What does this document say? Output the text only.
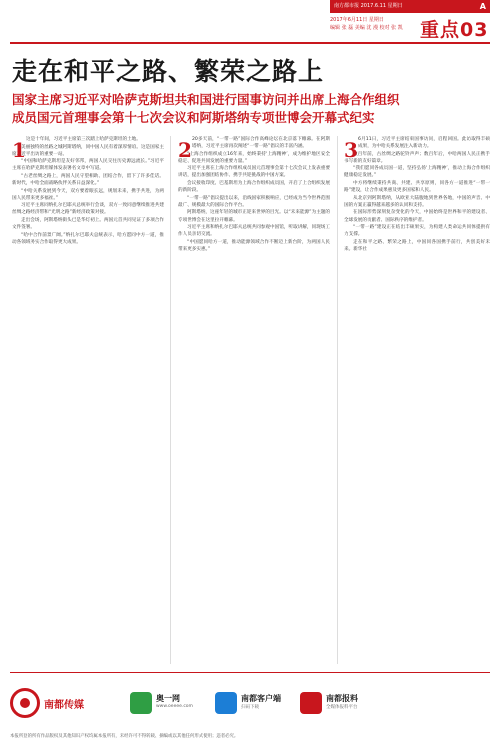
南方都市报 2017.6.11 星期日	A
2017年6月11日 星期日
编辑 张 磊 美编 沈 漫 校对 张 凯 重点03
走在和平之路、繁荣之路上
国家主席习近平对哈萨克斯坦共和国进行国事访问并出席上海合作组织
成员国元首理事会第十七次会议和阿斯塔纳专项世博会开幕式纪实

这是十年间，习近平主席第三次踏上哈萨克斯坦的土地。

美丽独特的丝路之城阿斯塔纳，同中国人民有着深厚情谊。这是国家主席习近平出访的重要一站。

“中国和哈萨克斯坦是友好邻邦，两国人民交往历史源远流长。”习近平主席在哈萨克斯坦媒体发表署名文章中写道。

“古老丝绸之路上，两国人民守望相助、团结合作，留下了许多佳话。新时代，中哈全面战略伙伴关系日益深化。”

“中哈关系发展到今天，双方要着眼长远，规划未来，携手共进，为两国人民带来更多福祉。”

习近平主席同纳扎尔巴耶夫总统举行会谈，双方一致同意继续推进共建丝绸之路经济带和“光明之路”新经济政策对接。

走出会场，阿斯塔纳街头已是华灯初上。两国元首共同见证了多项合作文件签署。

“哈中合作前景广阔。”纳扎尔巴耶夫总统表示，哈方愿同中方一道，推动各领域务实合作取得更大成果。

1	20多天前，“一带一路”国际合作高峰论坛在北京落下帷幕。在阿斯塔纳，习近平主席再次阐述“一带一路”倡议的丰富内涵。

“上海合作组织成立16年来，始终秉持‘上海精神’，成为维护地区安全稳定、促进共同发展的重要力量。”

习近平主席在上海合作组织成员国元首理事会第十七次会议上发表重要讲话，提出加强团结协作、携手共迎挑战的中国方案。

会议接收印度、巴基斯坦为上海合作组织成员国，开启了上合组织发展的新阶段。

“一带一路”倡议提出以来，沿线国家积极响应，已经成为当今世界范围最广、规模最大的国际合作平台。

阿斯塔纳，这座年轻的城市正迎来世界的目光。以“未来能源”为主题的专项世博会在这里拉开帷幕。

习近平主席和纳扎尔巴耶夫总统共同参观中国馆，听取讲解，同现场工作人员亲切交流。

“中国愿同哈方一道，推动能源领域合作不断迈上新台阶，为两国人民带来更多实惠。”

2	6月11日，习近平主席结束国事访问，启程回国。此访取得丰硕成果，为中哈关系发展注入新动力。

数百年前，古丝绸之路驼铃声声；数百年后，中哈两国人民正携手书写新的友好篇章。

“我们愿同各成员国一道，坚持弘扬‘上海精神’，推动上海合作组织健康稳定发展。”

中方将继续秉持共商、共建、共享原则，同各方一道推进“一带一路”建设，让合作成果惠及更多国家和人民。

从北京到阿斯塔纳，从欧亚大陆腹地到世界各地，中国的声音、中国的方案正赢得越来越多的认同和支持。

在国际形势深刻复杂变化的今天，中国始终是世界和平的建设者、全球发展的贡献者、国际秩序的维护者。

“一带一路”建设正在结出丰硕果实，为构建人类命运共同体提供有力支撑。

走在和平之路、繁荣之路上，中国同各国携手前行，共创美好未来。新华社

3
南都传媒
奥一网
www.oeeee.com
南都客户端
扫码下载
南都报料
全媒体报料平台
本报所登的所有作品版权及其他知识产权均属本报所有，未经许可不得转载、摘编或以其他任何形式使用；违者必究。
